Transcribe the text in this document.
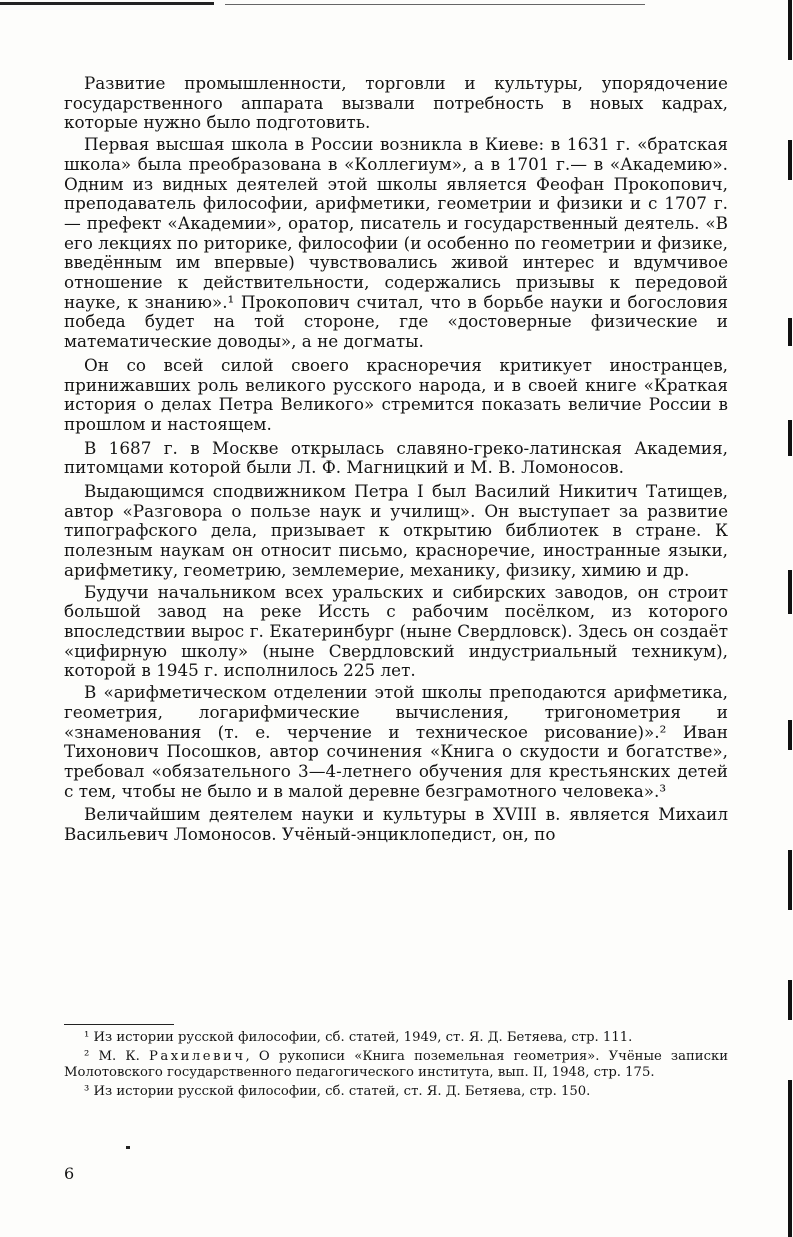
Развитие промышленности, торговли и культуры, упорядочение государственного аппарата вызвали потребность в новых кадрах, которые нужно было подготовить.

Первая высшая школа в России возникла в Киеве: в 1631 г. «братская школа» была преобразована в «Коллегиум», а в 1701 г.— в «Академию». Одним из видных деятелей этой школы является Феофан Прокопович, преподаватель философии, арифметики, геометрии и физики и с 1707 г.— префект «Академии», оратор, писатель и государственный деятель. «В его лекциях по риторике, философии (и особенно по геометрии и физике, введённым им впервые) чувствовались живой интерес и вдумчивое отношение к действительности, содержались призывы к передовой науке, к знанию».¹ Прокопович считал, что в борьбе науки и богословия победа будет на той стороне, где «достоверные физические и математические доводы», а не догматы.

Он со всей силой своего красноречия критикует иностранцев, принижавших роль великого русского народа, и в своей книге «Краткая история о делах Петра Великого» стремится показать величие России в прошлом и настоящем.

В 1687 г. в Москве открылась славяно-греко-латинская Академия, питомцами которой были Л. Ф. Магницкий и М. В. Ломоносов.

Выдающимся сподвижником Петра I был Василий Никитич Татищев, автор «Разговора о пользе наук и училищ». Он выступает за развитие типографского дела, призывает к открытию библиотек в стране. К полезным наукам он относит письмо, красноречие, иностранные языки, арифметику, геометрию, землемерие, механику, физику, химию и др.

Будучи начальником всех уральских и сибирских заводов, он строит большой завод на реке Иссть с рабочим посёлком, из которого впоследствии вырос г. Екатеринбург (ныне Свердловск). Здесь он создаёт «цифирную школу» (ныне Свердловский индустриальный техникум), которой в 1945 г. исполнилось 225 лет.

В «арифметическом отделении этой школы преподаются арифметика, геометрия, логарифмические вычисления, тригонометрия и «знаменования (т. е. черчение и техническое рисование)».² Иван Тихонович Посошков, автор сочинения «Книга о скудости и богатстве», требовал «обязательного 3—4-летнего обучения для крестьянских детей с тем, чтобы не было и в малой деревне безграмотного человека».³

Величайшим деятелем науки и культуры в XVIII в. является Михаил Васильевич Ломоносов. Учёный-энциклопедист, он, по

¹ Из истории русской философии, сб. статей, 1949, ст. Я. Д. Бетяева, стр. 111.

² М. К. Рахилевич, О рукописи «Книга поземельная геометрия». Учёные записки Молотовского государственного педагогического института, вып. II, 1948, стр. 175.

³ Из истории русской философии, сб. статей, ст. Я. Д. Бетяева, стр. 150.

6
